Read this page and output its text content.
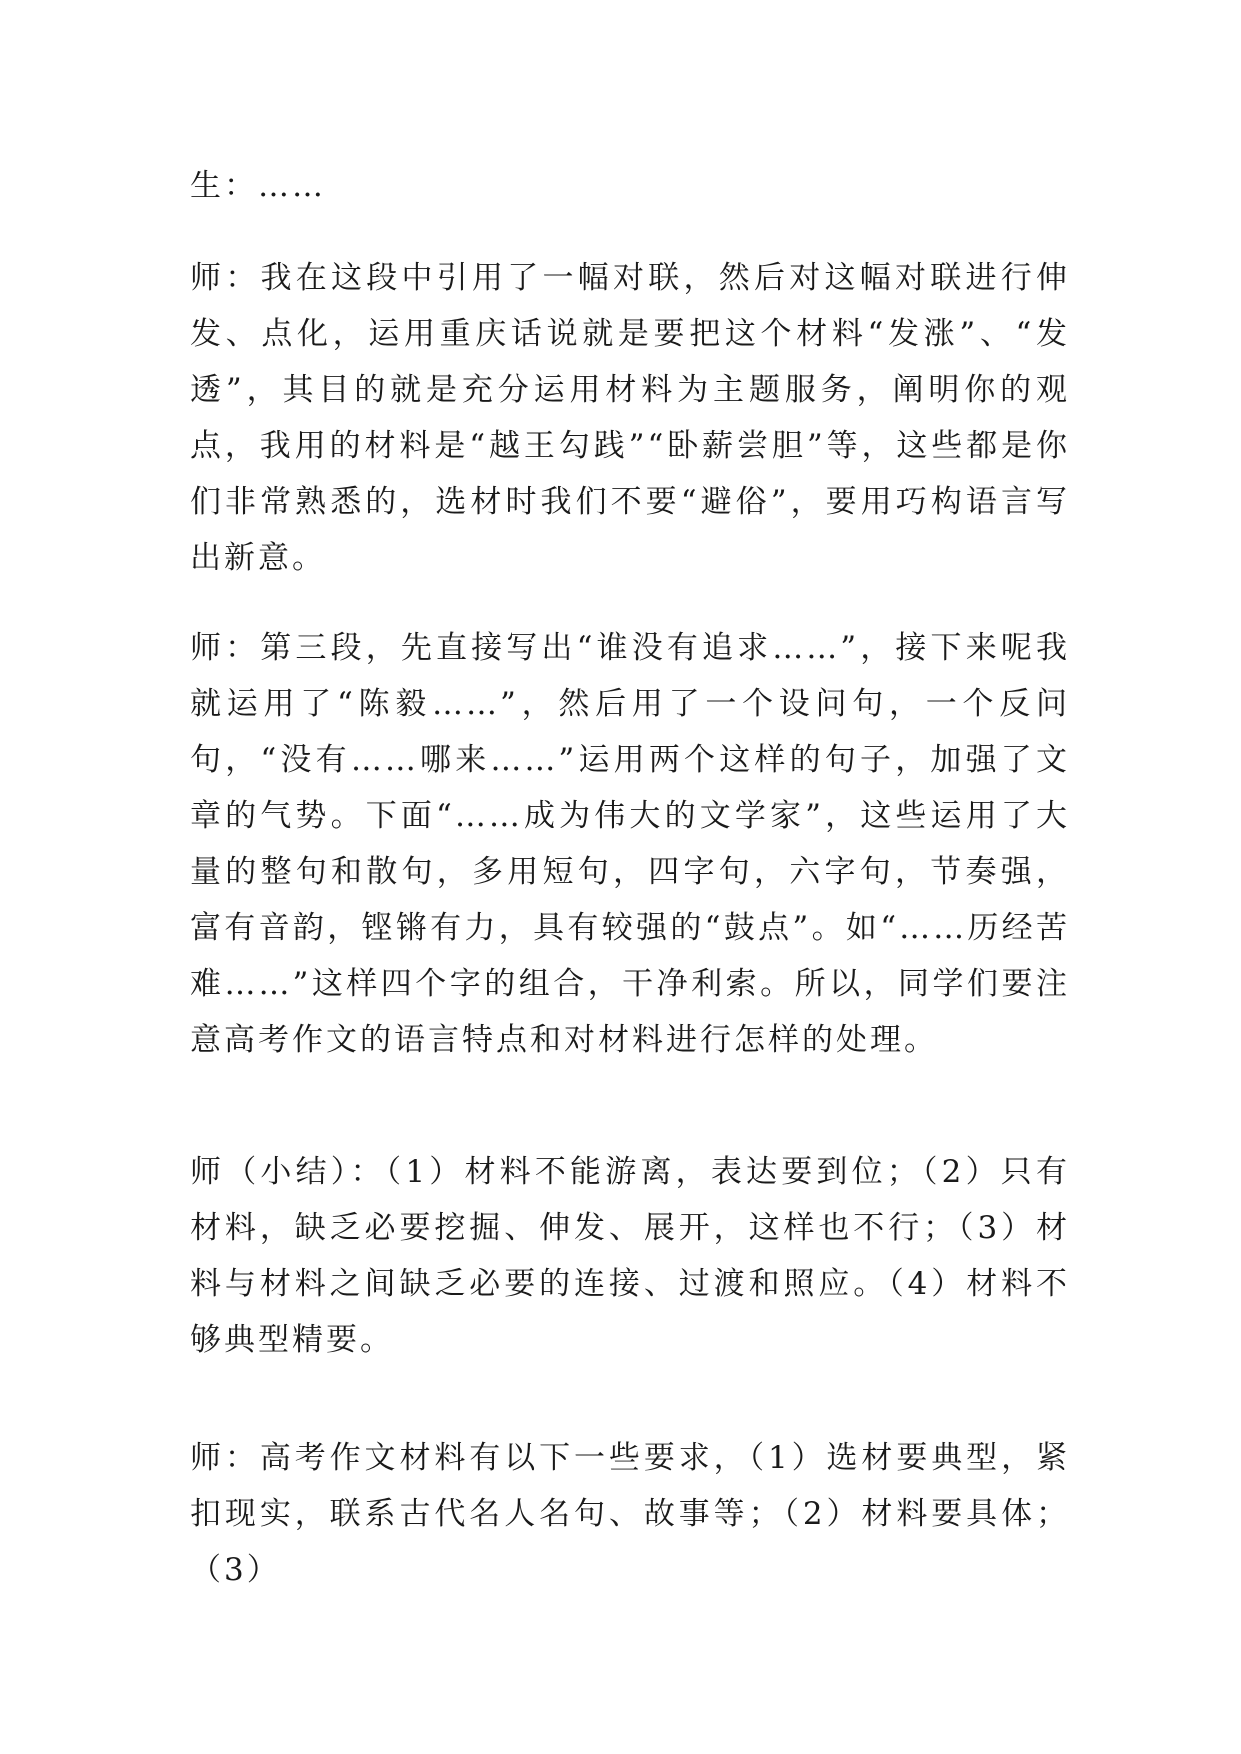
生：……

师：我在这段中引用了一幅对联，然后对这幅对联进行伸发、点化，运用重庆话说就是要把这个材料“发涨”、“发透”，其目的就是充分运用材料为主题服务，阐明你的观点，我用的材料是“越王勾践”“卧薪尝胆”等，这些都是你们非常熟悉的，选材时我们不要“避俗”，要用巧构语言写出新意。

师：第三段，先直接写出“谁没有追求……”，接下来呢我就运用了“陈毅……”，然后用了一个设问句，一个反问句，“没有……哪来……”运用两个这样的句子，加强了文章的气势。下面“……成为伟大的文学家”，这些运用了大量的整句和散句，多用短句，四字句，六字句，节奏强，富有音韵，铿锵有力，具有较强的“鼓点”。如“……历经苦难……”这样四个字的组合，干净利索。所以，同学们要注意高考作文的语言特点和对材料进行怎样的处理。

师（小结）：（1）材料不能游离，表达要到位；（2）只有材料，缺乏必要挖掘、伸发、展开，这样也不行；（3）材料与材料之间缺乏必要的连接、过渡和照应。（4）材料不够典型精要。

师：高考作文材料有以下一些要求，（1）选材要典型，紧扣现实，联系古代名人名句、故事等；（2）材料要具体；（3）
